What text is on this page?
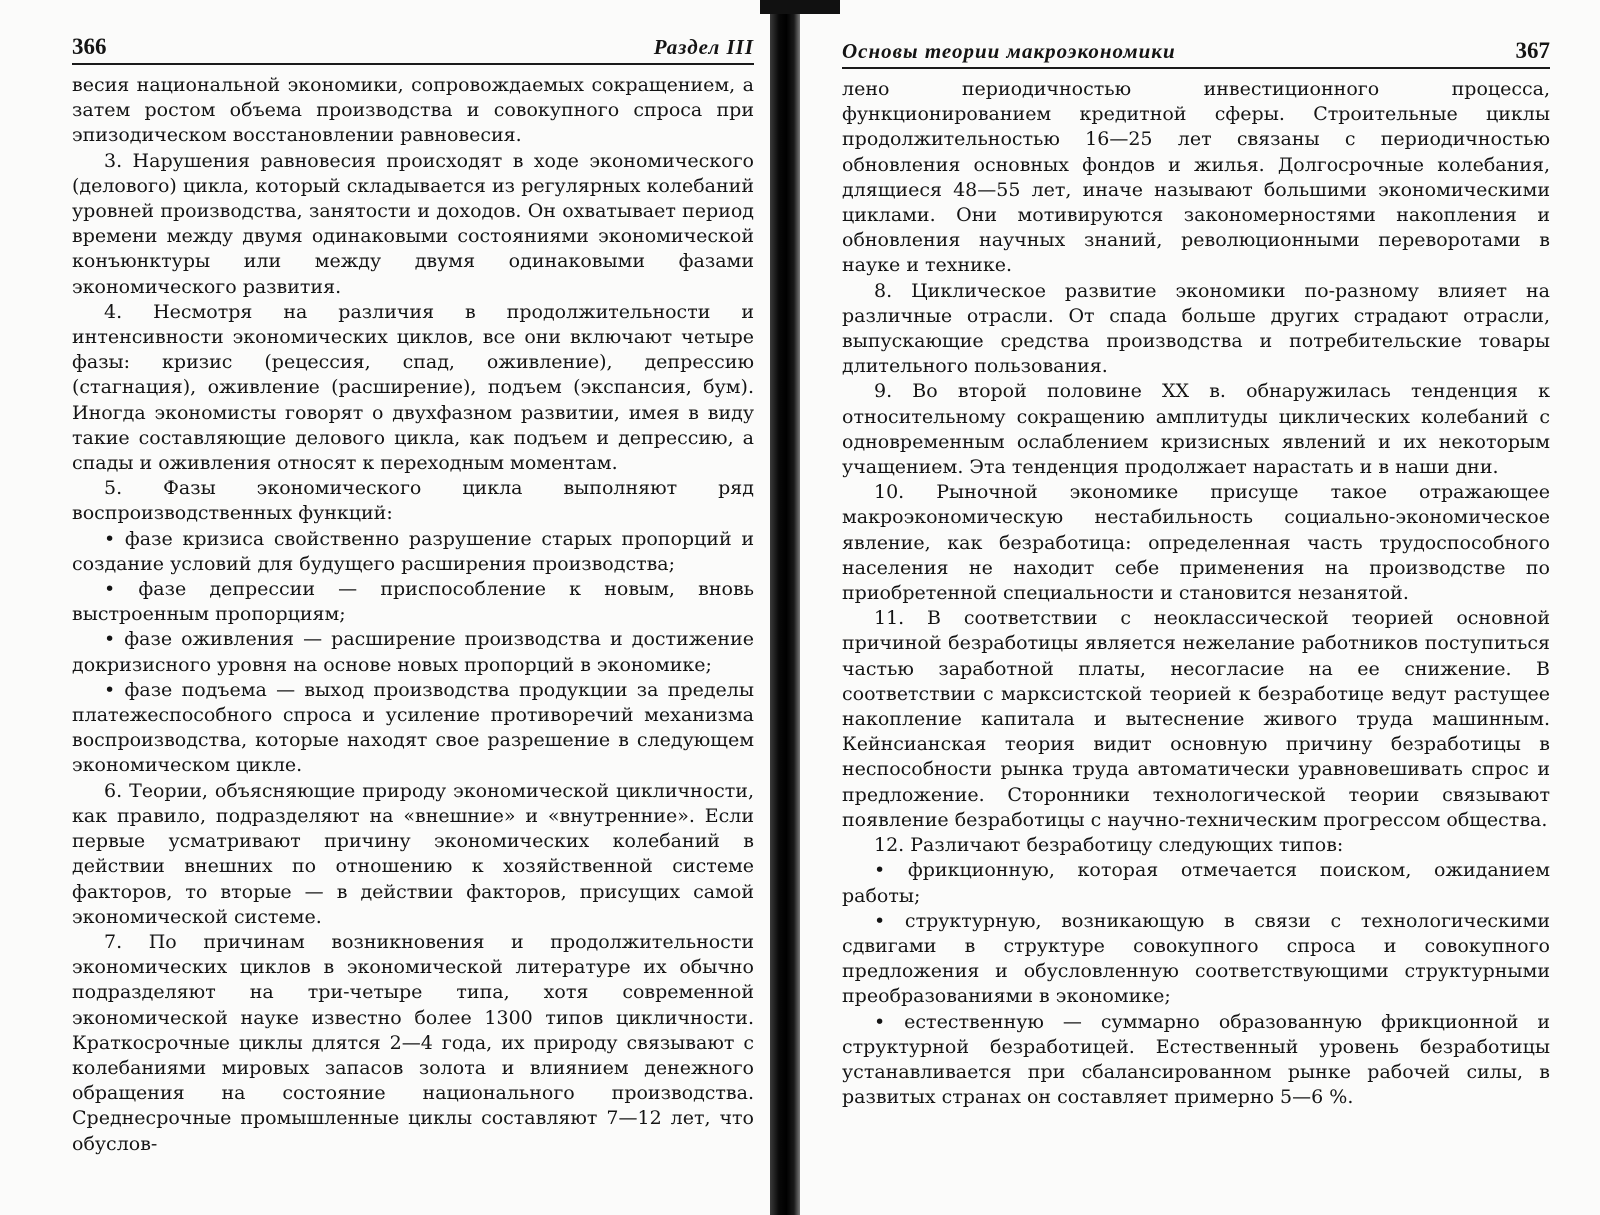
366	Раздел III

весия национальной экономики, сопровождаемых сокращением, а затем ростом объема производства и совокупного спроса при эпизодическом восстановлении равновесия.

3. Нарушения равновесия происходят в ходе экономического (делового) цикла, который складывается из регулярных колебаний уровней производства, занятости и доходов. Он охватывает период времени между двумя одинаковыми состояниями экономической конъюнктуры или между двумя одинаковыми фазами экономического развития.

4. Несмотря на различия в продолжительности и интенсивности экономических циклов, все они включают четыре фазы: кризис (рецессия, спад, оживление), депрессию (стагнация), оживление (расширение), подъем (экспансия, бум). Иногда экономисты говорят о двухфазном развитии, имея в виду такие составляющие делового цикла, как подъем и депрессию, а спады и оживления относят к переходным моментам.

5. Фазы экономического цикла выполняют ряд воспроизводственных функций:

• фазе кризиса свойственно разрушение старых пропорций и создание условий для будущего расширения производства;

• фазе депрессии — приспособление к новым, вновь выстроенным пропорциям;

• фазе оживления — расширение производства и достижение докризисного уровня на основе новых пропорций в экономике;

• фазе подъема — выход производства продукции за пределы платежеспособного спроса и усиление противоречий механизма воспроизводства, которые находят свое разрешение в следующем экономическом цикле.

6. Теории, объясняющие природу экономической цикличности, как правило, подразделяют на «внешние» и «внутренние». Если первые усматривают причину экономических колебаний в действии внешних по отношению к хозяйственной системе факторов, то вторые — в действии факторов, присущих самой экономической системе.

7. По причинам возникновения и продолжительности экономических циклов в экономической литературе их обычно подразделяют на три-четыре типа, хотя современной экономической науке известно более 1300 типов цикличности. Краткосрочные циклы длятся 2—4 года, их природу связывают с колебаниями мировых запасов золота и влиянием денежного обращения на состояние национального производства. Среднесрочные промышленные циклы составляют 7—12 лет, что обуслов-

Основы теории макроэкономики	367

лено периодичностью инвестиционного процесса, функционированием кредитной сферы. Строительные циклы продолжительностью 16—25 лет связаны с периодичностью обновления основных фондов и жилья. Долгосрочные колебания, длящиеся 48—55 лет, иначе называют большими экономическими циклами. Они мотивируются закономерностями накопления и обновления научных знаний, революционными переворотами в науке и технике.

8. Циклическое развитие экономики по-разному влияет на различные отрасли. От спада больше других страдают отрасли, выпускающие средства производства и потребительские товары длительного пользования.

9. Во второй половине XX в. обнаружилась тенденция к относительному сокращению амплитуды циклических колебаний с одновременным ослаблением кризисных явлений и их некоторым учащением. Эта тенденция продолжает нарастать и в наши дни.

10. Рыночной экономике присуще такое отражающее макроэкономическую нестабильность социально-экономическое явление, как безработица: определенная часть трудоспособного населения не находит себе применения на производстве по приобретенной специальности и становится незанятой.

11. В соответствии с неоклассической теорией основной причиной безработицы является нежелание работников поступиться частью заработной платы, несогласие на ее снижение. В соответствии с марксистской теорией к безработице ведут растущее накопление капитала и вытеснение живого труда машинным. Кейнсианская теория видит основную причину безработицы в неспособности рынка труда автоматически уравновешивать спрос и предложение. Сторонники технологической теории связывают появление безработицы с научно-техническим прогрессом общества.

12. Различают безработицу следующих типов:

• фрикционную, которая отмечается поиском, ожиданием работы;

• структурную, возникающую в связи с технологическими сдвигами в структуре совокупного спроса и совокупного предложения и обусловленную соответствующими структурными преобразованиями в экономике;

• естественную — суммарно образованную фрикционной и структурной безработицей. Естественный уровень безработицы устанавливается при сбалансированном рынке рабочей силы, в развитых странах он составляет примерно 5—6 %.
